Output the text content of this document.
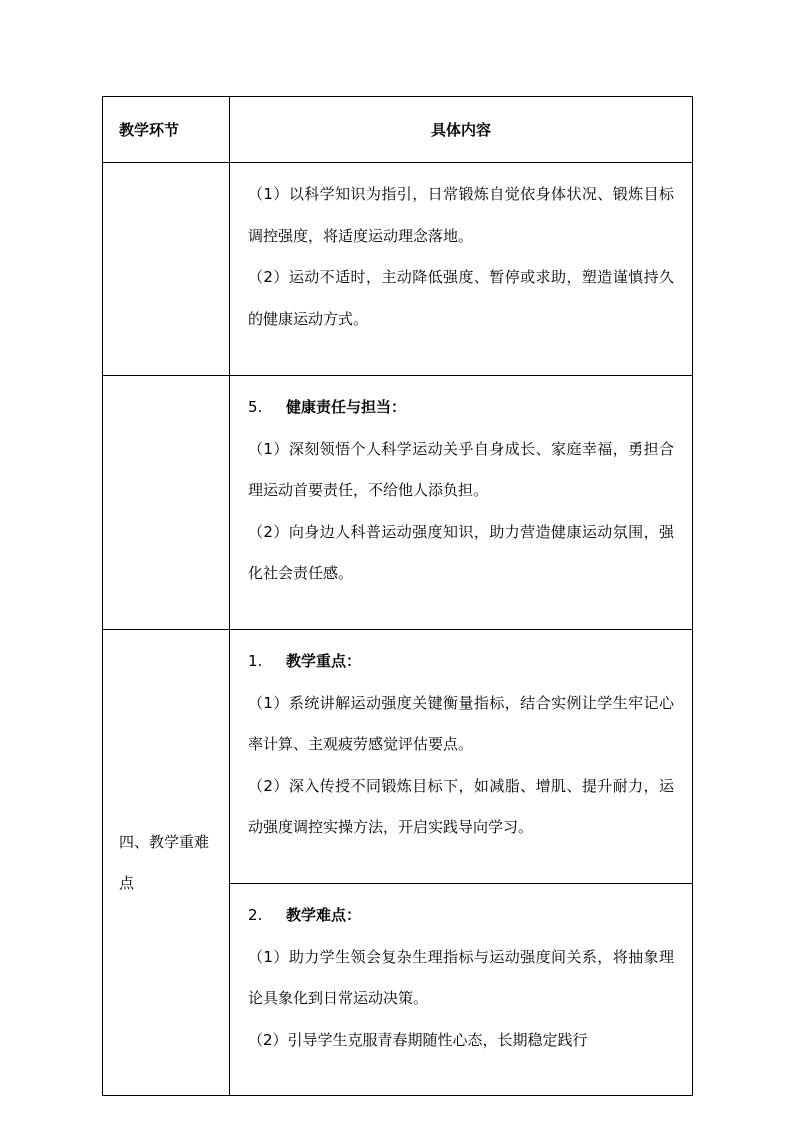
教学环节	具体内容

	（1）以科学知识为指引，日常锻炼自觉依身体状况、锻炼目标调控强度，将适度运动理念落地。

（2）运动不适时，主动降低强度、暂停或求助，塑造谨慎持久的健康运动方式。

	5. 健康责任与担当：

（1）深刻领悟个人科学运动关乎自身成长、家庭幸福，勇担合理运动首要责任，不给他人添负担。

（2）向身边人科普运动强度知识，助力营造健康运动氛围，强化社会责任感。

四、教学重难点	1. 教学重点：

（1）系统讲解运动强度关键衡量指标，结合实例让学生牢记心率计算、主观疲劳感觉评估要点。

（2）深入传授不同锻炼目标下，如减脂、增肌、提升耐力，运动强度调控实操方法，开启实践导向学习。

	2. 教学难点：

（1）助力学生领会复杂生理指标与运动强度间关系，将抽象理论具象化到日常运动决策。

（2）引导学生克服青春期随性心态，长期稳定践行
